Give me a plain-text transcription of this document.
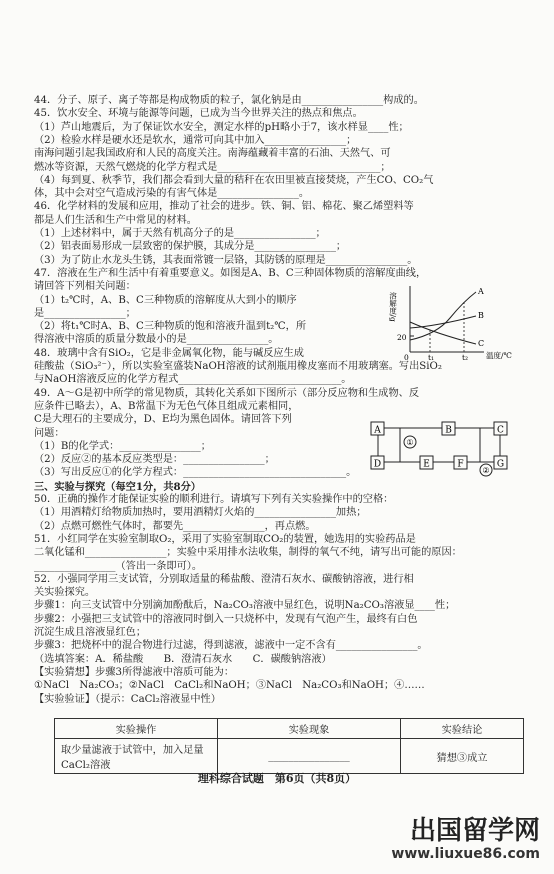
44．分子、原子、离子等都是构成物质的粒子，氯化钠是由________________构成的。
45．饮水安全、环境与能源等问题，已成为当今世界关注的热点和焦点。
（1）芦山地震后，为了保证饮水安全，测定水样的pH略小于7，该水样显____性；
（2）检验水样是硬水还是软水，通常可向其中加入________________；
南海问题引起我国政府和人民的高度关注。南海蕴藏着丰富的石油、天然气、可
燃冰等资源，天然气燃烧的化学方程式是________________________________；
（4）每到夏、秋季节，我们都会看到大量的秸秆在农田里被直接焚烧，产生CO、CO₂气
体，其中会对空气造成污染的有害气体是________________。
46．化学材料的发展和应用，推动了社会的进步。铁、铜、铝、棉花、聚乙烯塑料等
都是人们生活和生产中常见的材料。
（1）上述材料中，属于天然有机高分子的是________________；
（2）铝表面易形成一层致密的保护膜，其成分是________________；
（3）为了防止水龙头生锈，其表面常镀一层铬，其防锈的原理是________________。
47．溶液在生产和生活中有着重要意义。如图是A、B、C三种固体物质的溶解度曲线，
请回答下列相关问题：
（1）t₂℃时，A、B、C三种物质的溶解度从大到小的顺序
是________________；
（2）将t₁℃时A、B、C三种物质的饱和溶液升温到t₂℃，所
得溶液中溶质的质量分数最小的是________________。
48．玻璃中含有SiO₂，它是非金属氧化物，能与碱反应生成
硅酸盐（SiO₃²⁻），所以实验室盛装NaOH溶液的试剂瓶用橡皮塞而不用玻璃塞。写出SiO₂
与NaOH溶液反应的化学方程式________________________________。
49．A～G是初中所学的常见物质，其转化关系如下图所示（部分反应物和生成物、反
应条件已略去），A、B常温下为无色气体且组成元素相同，
C是大理石的主要成分，D、E均为黑色固体。请回答下列
问题：
（1）B的化学式：________________；
（2）反应②的基本反应类型是：________________；
（3）写出反应①的化学方程式：________________________________。
三、实验与探究（每空1分，共8分）
50．正确的操作才能保证实验的顺利进行。请填写下列有关实验操作中的空格：
（1）用酒精灯给物质加热时，要用酒精灯火焰的________________加热；
（2）点燃可燃性气体时，都要先________________，再点燃。
51．小红同学在实验室制取O₂，采用了实验室制取CO₂的装置，她选用的实验药品是
二氧化锰和________________；实验中采用排水法收集，制得的氧气不纯，请写出可能的原因：
________________（答出一条即可）。
52．小强同学用三支试管，分别取适量的稀盐酸、澄清石灰水、碳酸钠溶液，进行相
关实验探究。
步骤1：向三支试管中分别滴加酚酞后，Na₂CO₃溶液中显红色，说明Na₂CO₃溶液显____性；
步骤2：小强把三支试管中的溶液同时倒入一只烧杯中，发现有气泡产生，最终有白色
沉淀生成且溶液显红色；
步骤3：把烧杯中的混合物进行过滤，得到滤液，滤液中一定不含有________________。
（选填答案：A．稀盐酸　　B．澄清石灰水　　C．碳酸钠溶液）
【实验猜想】步骤3所得滤液中溶质可能为：
①NaCl　Na₂CO₃；②NaCl　CaCl₂和NaOH；③NaCl　Na₂CO₃和NaOH；④……
【实验验证】（提示：CaCl₂溶液显中性）
溶解度/g
温度/℃
20
0	t₁	t₂
A
B
C
A	B	C
D	E	F	G
①
②
实验操作	实验现象	实验结论
取少量滤液于试管中，加入足量CaCl₂溶液	________________	猜想③成立
理科综合试题　第6页（共8页）
出国留学网
www.liuxue86.com
